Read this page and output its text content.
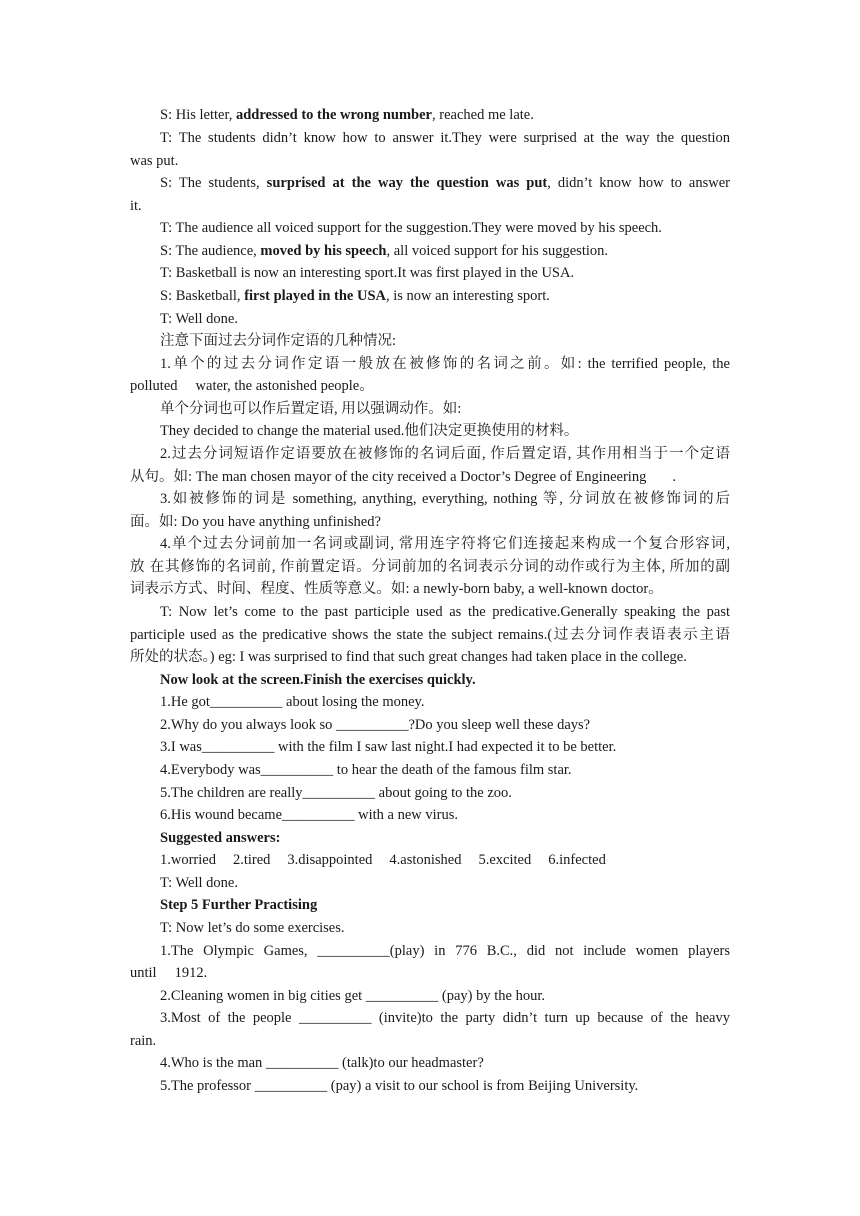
S: His letter, addressed to the wrong number, reached me late.
T: The students didn’t know how to answer it.They were surprised at the way the question
was put.
S: The students, surprised at the way the question was put, didn’t know how to answer
it.
T: The audience all voiced support for the suggestion.They were moved by his speech.
S: The audience, moved by his speech, all voiced support for his suggestion.
T: Basketball is now an interesting sport.It was first played in the USA.
S: Basketball, first played in the USA, is now an interesting sport.
T: Well done.
注意下面过去分词作定语的几种情况:
1.单个的过去分词作定语一般放在被修饰的名词之前。如: the terrified people, the
polluted water, the astonished people。
单个分词也可以作后置定语, 用以强调动作。如:
They decided to change the material used.他们决定更换使用的材料。
2.过去分词短语作定语要放在被修饰的名词后面, 作后置定语, 其作用相当于一个定语
从句。如: The man chosen mayor of the city received a Doctor’s Degree of Engineering .
3.如被修饰的词是 something, anything, everything, nothing 等, 分词放在被修饰词的后
面。如: Do you have anything unfinished?
4.单个过去分词前加一名词或副词, 常用连字符将它们连接起来构成一个复合形容词,
放 在其修饰的名词前, 作前置定语。分词前加的名词表示分词的动作或行为主体, 所加的副
词表示方式、时间、程度、性质等意义。如: a newly-born baby, a well-known doctor。
T: Now let’s come to the past participle used as the predicative.Generally speaking the past
participle used as the predicative shows the state the subject remains.(过去分词作表语表示主语
所处的状态。) eg: I was surprised to find that such great changes had taken place in the college.
Now look at the screen.Finish the exercises quickly.
1.He got__________ about losing the money.
2.Why do you always look so __________?Do you sleep well these days?
3.I was__________ with the film I saw last night.I had expected it to be better.
4.Everybody was__________ to hear the death of the famous film star.
5.The children are really__________ about going to the zoo.
6.His wound became__________ with a new virus.
Suggested answers:
1.worried 2.tired 3.disappointed 4.astonished 5.excited 6.infected
T: Well done.
Step 5 Further Practising
T: Now let’s do some exercises.
1.The Olympic Games, __________(play) in 776 B.C., did not include women players
until 1912.
2.Cleaning women in big cities get __________ (pay) by the hour.
3.Most of the people __________ (invite)to the party didn’t turn up because of the heavy
rain.
4.Who is the man __________ (talk)to our headmaster?
5.The professor __________ (pay) a visit to our school is from Beijing University.
